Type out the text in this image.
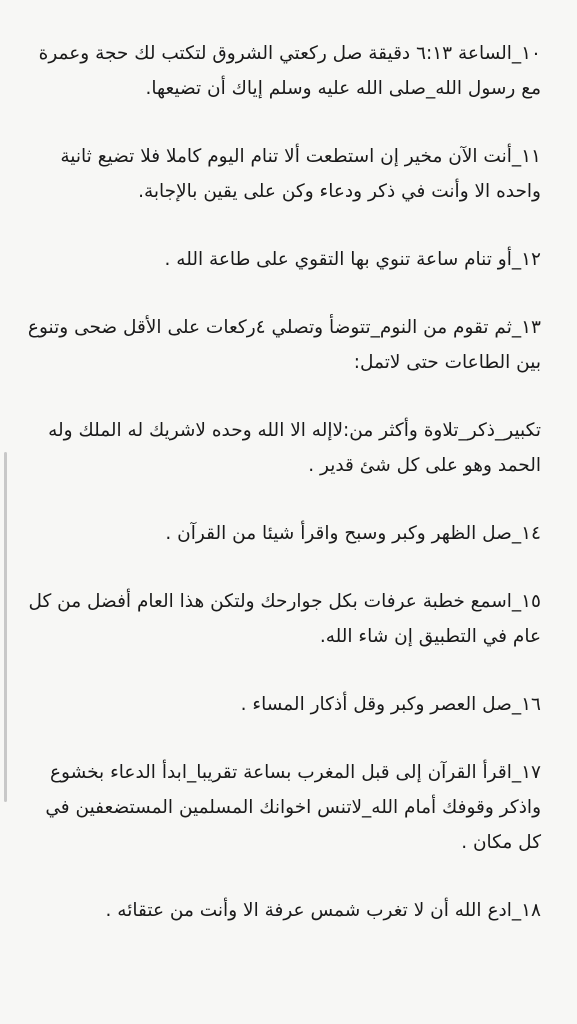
١٠_الساعة ٦:١٣ دقيقة صل ركعتي الشروق لتكتب لك حجة وعمرة مع رسول الله_صلى الله عليه وسلم إياك أن تضيعها.

١١_أنت الآن مخير إن استطعت ألا تنام اليوم كاملا فلا تضيع ثانية واحده الا وأنت في ذكر ودعاء وكن على يقين بالإجابة.

١٢_أو تنام ساعة تنوي بها التقوي على طاعة الله .

١٣_ثم تقوم من النوم_تتوضأ وتصلي ٤ركعات على الأقل ضحى وتنوع بين الطاعات حتى لاتمل:

تكبير_ذكر_تلاوة وأكثر من:لاإله الا الله وحده لاشريك له الملك وله الحمد وهو على كل شئ قدير .

١٤_صل الظهر وكبر وسبح واقرأ شيئا من القرآن .

١٥_اسمع خطبة عرفات بكل جوارحك ولتكن هذا العام أفضل من كل عام في التطبيق إن شاء الله.

١٦_صل العصر وكبر وقل أذكار المساء .

١٧_اقرأ القرآن إلى قبل المغرب بساعة تقريبا_ابدأ الدعاء بخشوع واذكر وقوفك أمام الله_لاتنس اخوانك المسلمين المستضعفين في كل مكان .

١٨_ادع الله أن لا تغرب شمس عرفة الا وأنت من عتقائه .
